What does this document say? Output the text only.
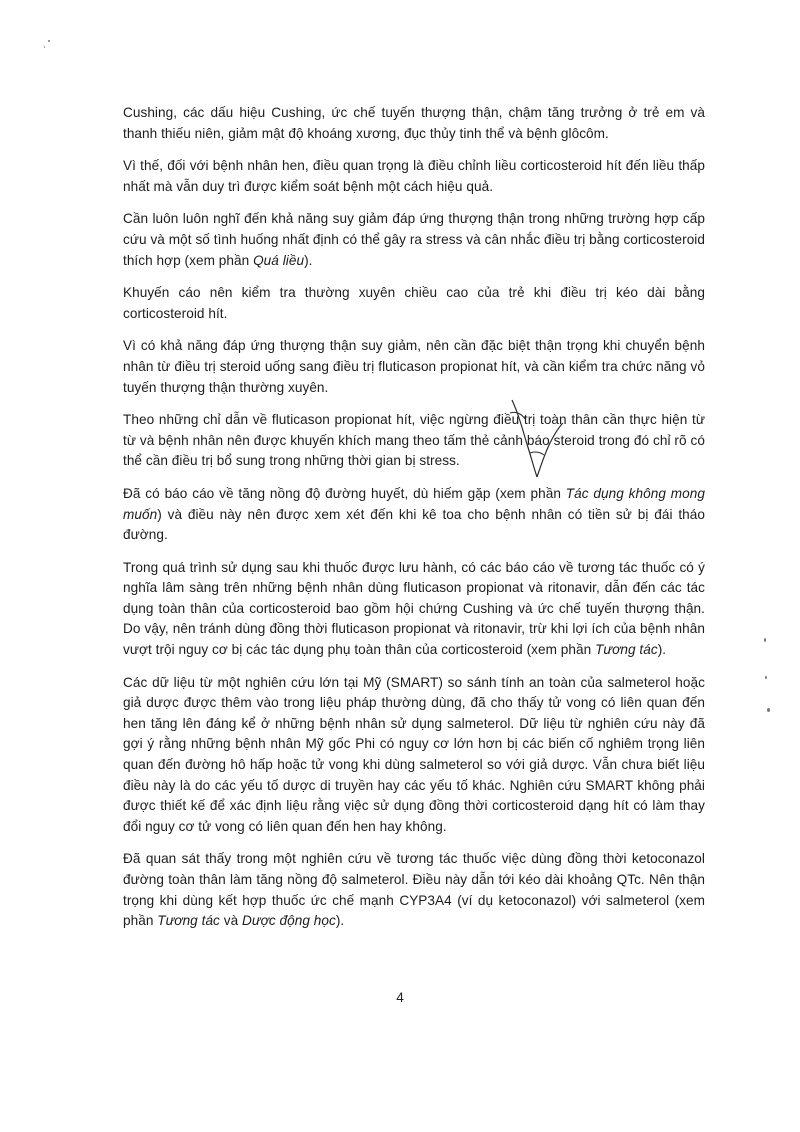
Cushing, các dấu hiệu Cushing, ức chế tuyến thượng thận, chậm tăng trưởng ở trẻ em và thanh thiếu niên, giảm mật độ khoáng xương, đục thủy tinh thể và bệnh glôcôm.

Vì thế, đối với bệnh nhân hen, điều quan trọng là điều chỉnh liều corticosteroid hít đến liều thấp nhất mà vẫn duy trì được kiểm soát bệnh một cách hiệu quả.

Cần luôn luôn nghĩ đến khả năng suy giảm đáp ứng thượng thận trong những trường hợp cấp cứu và một số tình huống nhất định có thể gây ra stress và cân nhắc điều trị bằng corticosteroid thích hợp (xem phần Quá liều).

Khuyến cáo nên kiểm tra thường xuyên chiều cao của trẻ khi điều trị kéo dài bằng corticosteroid hít.

Vì có khả năng đáp ứng thượng thận suy giảm, nên cần đặc biệt thận trọng khi chuyển bệnh nhân từ điều trị steroid uống sang điều trị fluticason propionat hít, và cần kiểm tra chức năng vỏ tuyến thượng thận thường xuyên.

Theo những chỉ dẫn về fluticason propionat hít, việc ngừng điều trị toàn thân cần thực hiện từ từ và bệnh nhân nên được khuyến khích mang theo tấm thẻ cảnh báo steroid trong đó chỉ rõ có thể cần điều trị bổ sung trong những thời gian bị stress.

Đã có báo cáo về tăng nồng độ đường huyết, dù hiếm gặp (xem phần Tác dụng không mong muốn) và điều này nên được xem xét đến khi kê toa cho bệnh nhân có tiền sử bị đái tháo đường.

Trong quá trình sử dụng sau khi thuốc được lưu hành, có các báo cáo về tương tác thuốc có ý nghĩa lâm sàng trên những bệnh nhân dùng fluticason propionat và ritonavir, dẫn đến các tác dụng toàn thân của corticosteroid bao gồm hội chứng Cushing và ức chế tuyến thượng thận. Do vậy, nên tránh dùng đồng thời fluticason propionat và ritonavir, trừ khi lợi ích của bệnh nhân vượt trội nguy cơ bị các tác dụng phụ toàn thân của corticosteroid (xem phần Tương tác).

Các dữ liệu từ một nghiên cứu lớn tại Mỹ (SMART) so sánh tính an toàn của salmeterol hoặc giả dược được thêm vào trong liệu pháp thường dùng, đã cho thấy tử vong có liên quan đến hen tăng lên đáng kể ở những bệnh nhân sử dụng salmeterol. Dữ liệu từ nghiên cứu này đã gợi ý rằng những bệnh nhân Mỹ gốc Phi có nguy cơ lớn hơn bị các biến cố nghiêm trọng liên quan đến đường hô hấp hoặc tử vong khi dùng salmeterol so với giả dược. Vẫn chưa biết liệu điều này là do các yếu tố dược di truyền hay các yếu tố khác. Nghiên cứu SMART không phải được thiết kế để xác định liệu rằng việc sử dụng đồng thời corticosteroid dạng hít có làm thay đổi nguy cơ tử vong có liên quan đến hen hay không.

Đã quan sát thấy trong một nghiên cứu về tương tác thuốc việc dùng đồng thời ketoconazol đường toàn thân làm tăng nồng độ salmeterol. Điều này dẫn tới kéo dài khoảng QTc. Nên thận trọng khi dùng kết hợp thuốc ức chế mạnh CYP3A4 (ví dụ ketoconazol) với salmeterol (xem phần Tương tác và Dược động học).

4
